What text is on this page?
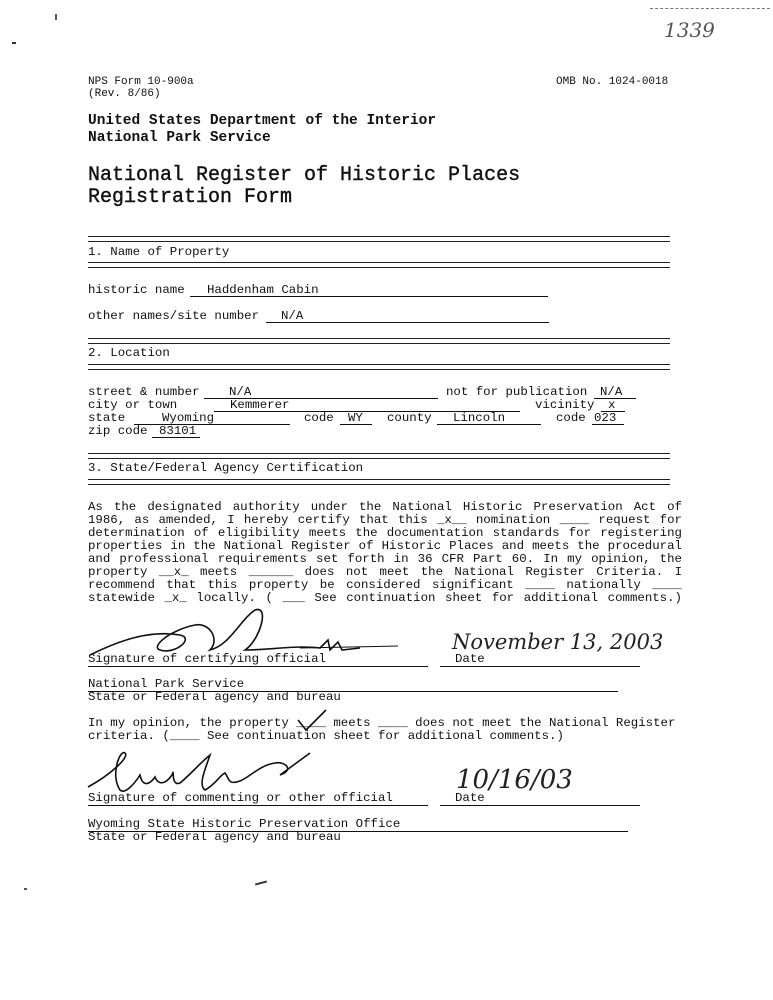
NPS Form 10-900a
(Rev. 8/86)
OMB No. 1024-0018
1339
United States Department of the Interior
National Park Service
National Register of Historic Places
Registration Form
1. Name of Property
historic name	Haddenham Cabin
other names/site number	N/A
2. Location
street & number	N/A	not for publication	N/A
city or town	Kemmerer	vicinity	x
state	Wyoming	code	WY	county	Lincoln	code 023
zip code 83101
3. State/Federal Agency Certification
As the designated authority under the National Historic Preservation Act of
1986, as amended, I hereby certify that this _x__ nomination ____ request for
determination of eligibility meets the documentation standards for registering
properties in the National Register of Historic Places and meets the procedural
and professional requirements set forth in 36 CFR Part 60. In my opinion, the
property __x_ meets ______ does not meet the National Register Criteria. I
recommend that this property be considered significant ____ nationally ____
statewide _x_ locally. ( ___ See continuation sheet for additional comments.)
Signature of certifying official	Date
November 13, 2003
National Park Service
State or Federal agency and bureau
In my opinion, the property ____ meets ____ does not meet the National Register
criteria. (____ See continuation sheet for additional comments.)
Signature of commenting or other official	Date
10/16/03
Wyoming State Historic Preservation Office
State or Federal agency and bureau
